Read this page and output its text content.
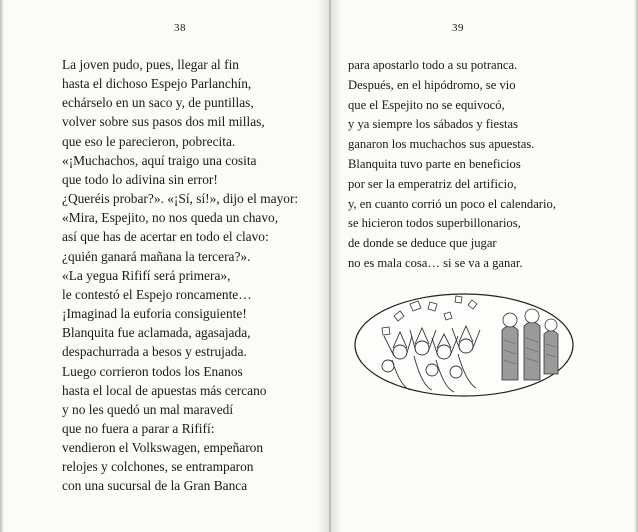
38
La joven pudo, pues, llegar al fin
hasta el dichoso Espejo Parlanchín,
echárselo en un saco y, de puntillas,
volver sobre sus pasos dos mil millas,
que eso le parecieron, pobrecita.
«¡Muchachos, aquí traigo una cosita
que todo lo adivina sin error!
¿Queréis probar?». «¡Sí, sí!», dijo el mayor:
«Mira, Espejito, no nos queda un chavo,
así que has de acertar en todo el clavo:
¿quién ganará mañana la tercera?».
«La yegua Rififí será primera»,
le contestó el Espejo roncamente…
¡Imaginad la euforia consiguiente!
Blanquita fue aclamada, agasajada,
despachurrada a besos y estrujada.
Luego corrieron todos los Enanos
hasta el local de apuestas más cercano
y no les quedó un mal maravedí
que no fuera a parar a Rififí:
vendieron el Volkswagen, empeñaron
relojes y colchones, se entramparon
con una sucursal de la Gran Banca
39
para apostarlo todo a su potranca.
Después, en el hipódromo, se vio
que el Espejito no se equivocó,
y ya siempre los sábados y fiestas
ganaron los muchachos sus apuestas.
Blanquita tuvo parte en beneficios
por ser la emperatriz del artificio,
y, en cuanto corrió un poco el calendario,
se hicieron todos superbillonarios,
de donde se deduce que jugar
no es mala cosa… si se va a ganar.
